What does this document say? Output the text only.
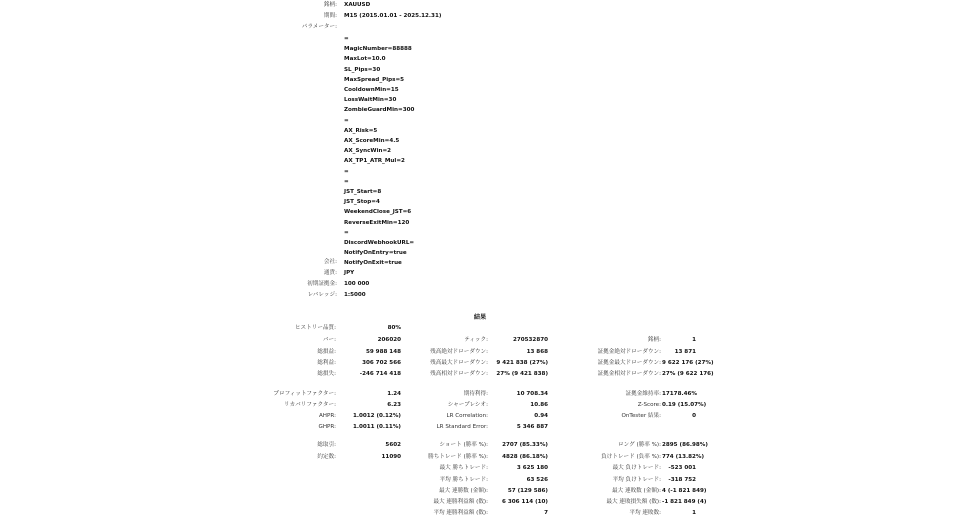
銘柄: XAUUSD
期間: M15 (2015.01.01 - 2025.12.31)
パラメーター:
=
MagicNumber=88888
MaxLot=10.0
SL_Pips=30
MaxSpread_Pips=5
CooldownMin=15
LossWaitMin=30
ZombieGuardMin=300
=
AX_Risk=5
AX_ScoreMin=4.5
AX_SyncWin=2
AX_TP1_ATR_Mul=2
=
=
JST_Start=8
JST_Stop=4
WeekendClose_JST=6
ReverseExitMin=120
=
DiscordWebhookURL=
NotifyOnEntry=true
NotifyOnExit=true
会社:
通貨: JPY
初期証拠金: 100 000
レバレッジ: 1:5000
結果
ヒストリー品質:	80%
バー:	206020	ティック:	270532870	銘柄:	1
総損益:	59 988 148	残高絶対ドローダウン:	13 868	証拠金絶対ドローダウン:	13 871
総利益:	306 702 566	残高最大ドローダウン:	9 421 838 (27%)	証拠金最大ドローダウン: 9 622 176 (27%)
総損失:	-246 714 418	残高相対ドローダウン:	27% (9 421 838)	証拠金相対ドローダウン: 27% (9 622 176)
プロフィットファクター:	1.24	期待利得:	10 708.34	証拠金維持率: 17178.46%
リカバリファクター:	6.23	シャープレシオ:	10.86	Z-Score: 0.19 (15.07%)
AHPR:	1.0012 (0.12%)	LR Correlation:	0.94	OnTester 結果:	0
GHPR:	1.0011 (0.11%)	LR Standard Error:	5 346 887
総取引:	5602	ショート (勝率 %):	2707 (85.33%)	ロング (勝率 %): 2895 (86.98%)
約定数:	11090	勝ちトレード (勝率 %):	4828 (86.18%)	負けトレード (負率 %): 774 (13.82%)
最大 勝ちトレード:	3 625 180	最大 負けトレード:	-523 001
平均 勝ちトレード:	63 526	平均 負けトレード:	-318 752
最大 連勝数 (金額):	57 (129 586)	最大 連敗数 (金額): 4 (-1 821 849)
最大 連勝利益額 (数):	6 306 114 (10)	最大 連敗損失額 (数): -1 821 849 (4)
平均 連勝利益額 (数):	7	平均 連敗数:	1
